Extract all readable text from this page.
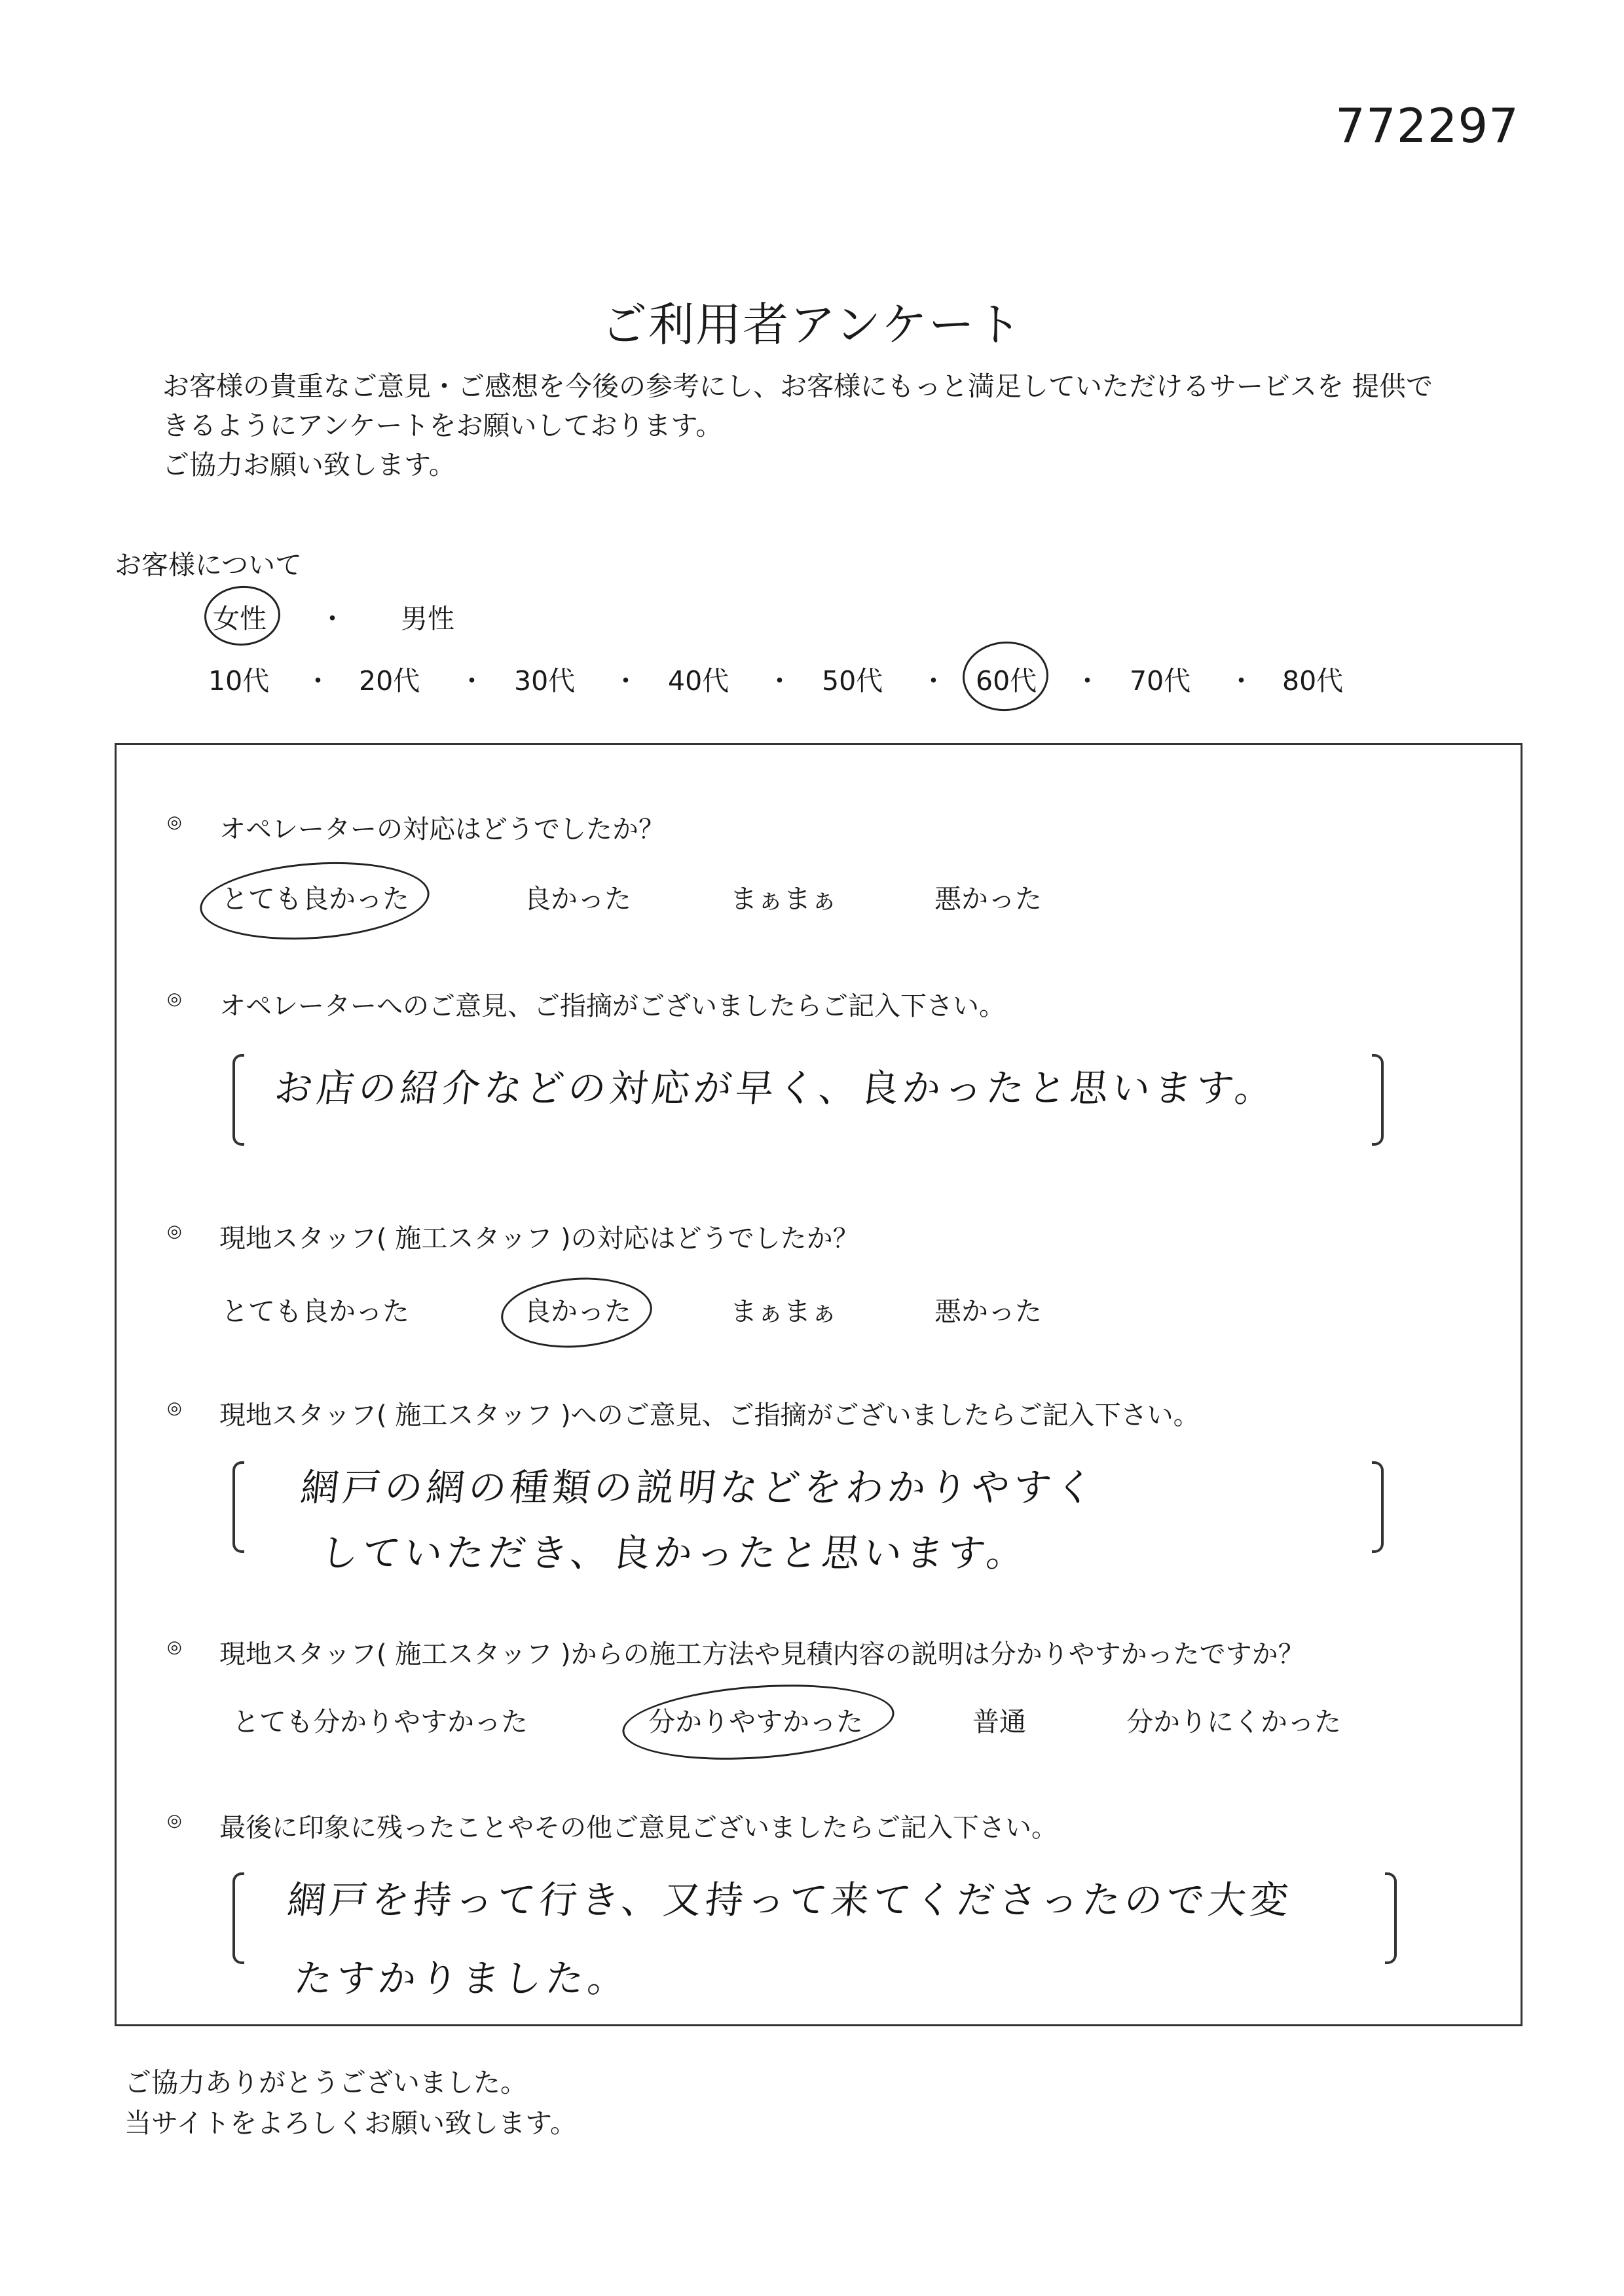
772297
ご利用者アンケート
お客様の貴重なご意見・ご感想を今後の参考にし、お客様にもっと満足していただけるサービスを 提供で
きるようにアンケートをお願いしております。
ご協力お願い致します。
お客様について
女性 ・ 男性
10代 ・ 20代 ・ 30代 ・ 40代 ・ 50代 ・ 60代 ・ 70代 ・ 80代
◎ オペレーターの対応はどうでしたか？
とても良かった	良かった	まぁまぁ	悪かった
◎ オペレーターへのご意見、ご指摘がございましたらご記入下さい。
お店の紹介などの対応が早く、良かったと思います。
◎ 現地スタッフ( 施工スタッフ )の対応はどうでしたか？
とても良かった	良かった	まぁまぁ	悪かった
◎ 現地スタッフ( 施工スタッフ )へのご意見、ご指摘がございましたらご記入下さい。
網戸の網の種類の説明などをわかりやすく
していただき、良かったと思います。
◎ 現地スタッフ( 施工スタッフ )からの施工方法や見積内容の説明は分かりやすかったですか？
とても分かりやすかった	分かりやすかった	普通	分かりにくかった
◎ 最後に印象に残ったことやその他ご意見ございましたらご記入下さい。
網戸を持って行き、又持って来てくださったので大変
たすかりました。
ご協力ありがとうございました。
当サイトをよろしくお願い致します。
